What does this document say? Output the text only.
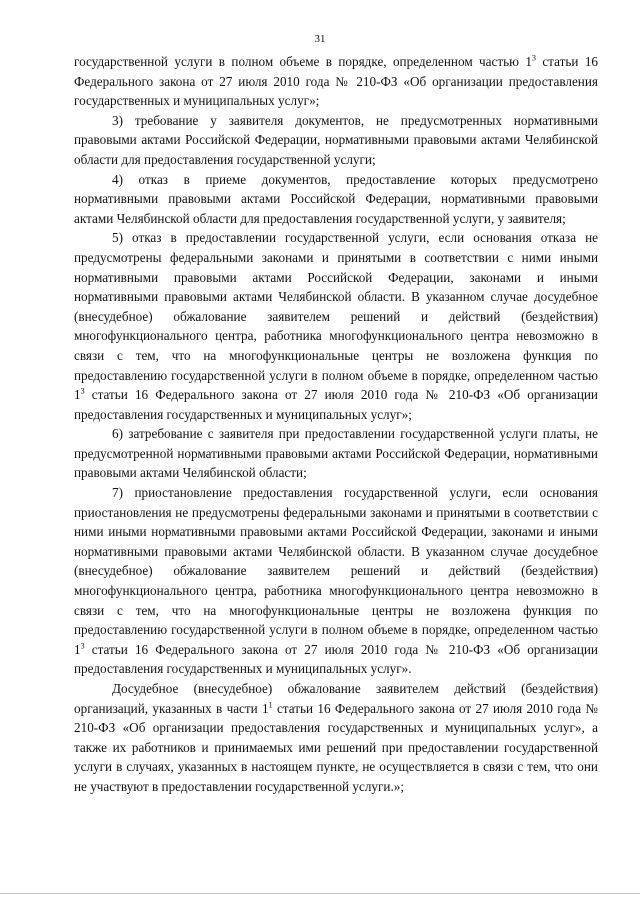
31

государственной услуги в полном объеме в порядке, определенном частью $1^3$ статьи 16 Федерального закона от 27 июля 2010 года № 210-ФЗ «Об организации предоставления государственных и муниципальных услуг»;

3) требование у заявителя документов, не предусмотренных нормативными правовыми актами Российской Федерации, нормативными правовыми актами Челябинской области для предоставления государственной услуги;

4) отказ в приеме документов, предоставление которых предусмотрено нормативными правовыми актами Российской Федерации, нормативными правовыми актами Челябинской области для предоставления государственной услуги, у заявителя;

5) отказ в предоставлении государственной услуги, если основания отказа не предусмотрены федеральными законами и принятыми в соответствии с ними иными нормативными правовыми актами Российской Федерации, законами и иными нормативными правовыми актами Челябинской области. В указанном случае досудебное (внесудебное) обжалование заявителем решений и действий (бездействия) многофункционального центра, работника многофункционального центра невозможно в связи с тем, что на многофункциональные центры не возложена функция по предоставлению государственной услуги в полном объеме в порядке, определенном частью $1^3$ статьи 16 Федерального закона от 27 июля 2010 года № 210-ФЗ «Об организации предоставления государственных и муниципальных услуг»;

6) затребование с заявителя при предоставлении государственной услуги платы, не предусмотренной нормативными правовыми актами Российской Федерации, нормативными правовыми актами Челябинской области;

7) приостановление предоставления государственной услуги, если основания приостановления не предусмотрены федеральными законами и принятыми в соответствии с ними иными нормативными правовыми актами Российской Федерации, законами и иными нормативными правовыми актами Челябинской области. В указанном случае досудебное (внесудебное) обжалование заявителем решений и действий (бездействия) многофункционального центра, работника многофункционального центра невозможно в связи с тем, что на многофункциональные центры не возложена функция по предоставлению государственной услуги в полном объеме в порядке, определенном частью $1^3$ статьи 16 Федерального закона от 27 июля 2010 года № 210-ФЗ «Об организации предоставления государственных и муниципальных услуг».

Досудебное (внесудебное) обжалование заявителем действий (бездействия) организаций, указанных в части $1^1$ статьи 16 Федерального закона от 27 июля 2010 года № 210-ФЗ «Об организации предоставления государственных и муниципальных услуг», а также их работников и принимаемых ими решений при предоставлении государственной услуги в случаях, указанных в настоящем пункте, не осуществляется в связи с тем, что они не участвуют в предоставлении государственной услуги.»;
